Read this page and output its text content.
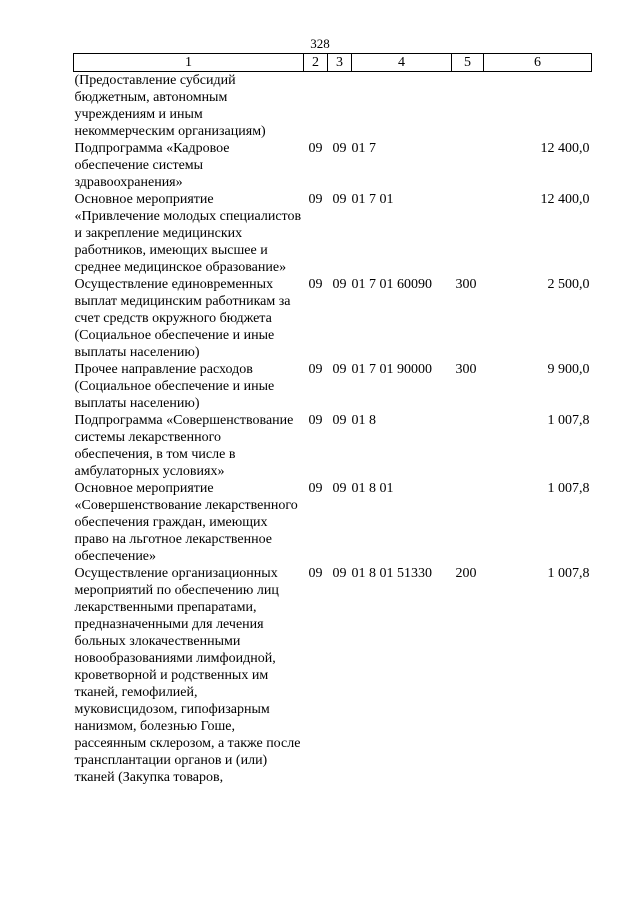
328
1	2	3	4	5	6
(Предоставление субсидий бюджетным, автономным учреждениям и иным некоммерческим организациям)					
Подпрограмма «Кадровое обеспечение системы здравоохранения»	09	09	01 7		12 400,0
Основное мероприятие «Привлечение молодых специалистов и закрепление медицинских работников, имеющих высшее и среднее медицинское образование»	09	09	01 7 01		12 400,0
Осуществление единовременных выплат медицинским работникам за счет средств окружного бюджета (Социальное обеспечение и иные выплаты населению)	09	09	01 7 01 60090	300	2 500,0
Прочее направление расходов (Социальное обеспечение и иные выплаты населению)	09	09	01 7 01 90000	300	9 900,0
Подпрограмма «Совершенствование системы лекарственного обеспечения, в том числе в амбулаторных условиях»	09	09	01 8		1 007,8
Основное мероприятие «Совершенствование лекарственного обеспечения граждан, имеющих право на льготное лекарственное обеспечение»	09	09	01 8 01		1 007,8
Осуществление организационных мероприятий по обеспечению лиц лекарственными препаратами, предназначенными для лечения больных злокачественными новообразованиями лимфоидной, кроветворной и родственных им тканей, гемофилией, муковисцидозом, гипофизарным нанизмом, болезнью Гоше, рассеянным склерозом, а также после трансплантации органов и (или) тканей (Закупка товаров,	09	09	01 8 01 51330	200	1 007,8
